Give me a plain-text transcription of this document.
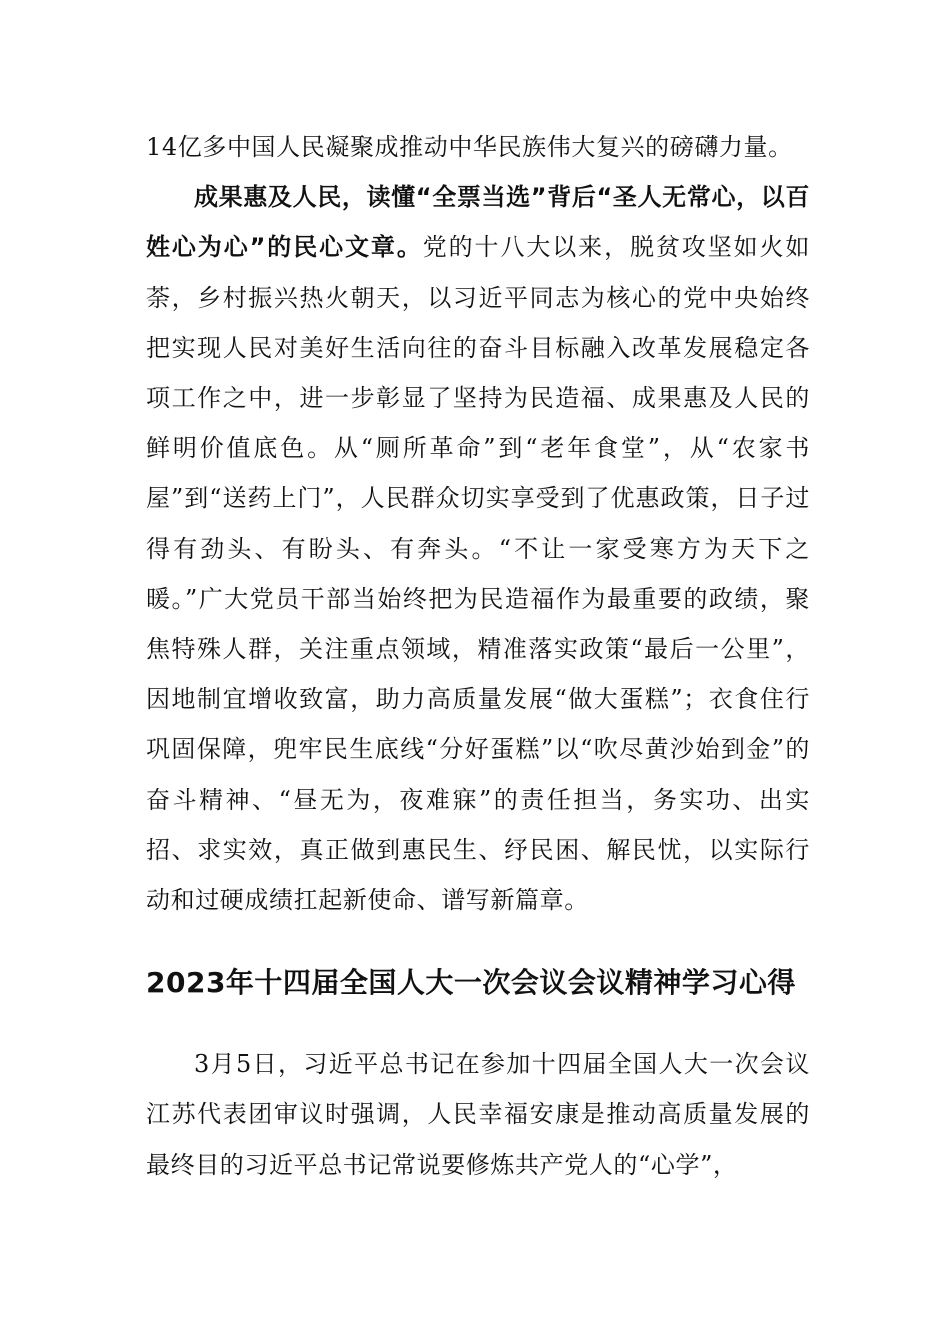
14亿多中国人民凝聚成推动中华民族伟大复兴的磅礴力量。

成果惠及人民，读懂“全票当选”背后“圣人无常心，以百姓心为心”的民心文章。党的十八大以来，脱贫攻坚如火如荼，乡村振兴热火朝天，以习近平同志为核心的党中央始终把实现人民对美好生活向往的奋斗目标融入改革发展稳定各项工作之中，进一步彰显了坚持为民造福、成果惠及人民的鲜明价值底色。从“厕所革命”到“老年食堂”，从“农家书屋”到“送药上门”，人民群众切实享受到了优惠政策，日子过得有劲头、有盼头、有奔头。“不让一家受寒方为天下之暖。”广大党员干部当始终把为民造福作为最重要的政绩，聚焦特殊人群，关注重点领域，精准落实政策“最后一公里”，因地制宜增收致富，助力高质量发展“做大蛋糕”；衣食住行巩固保障，兜牢民生底线“分好蛋糕”以“吹尽黄沙始到金”的奋斗精神、“昼无为，夜难寐”的责任担当，务实功、出实招、求实效，真正做到惠民生、纾民困、解民忧，以实际行动和过硬成绩扛起新使命、谱写新篇章。

2023年十四届全国人大一次会议会议精神学习心得

3月5日，习近平总书记在参加十四届全国人大一次会议江苏代表团审议时强调，人民幸福安康是推动高质量发展的最终目的习近平总书记常说要修炼共产党人的“心学”，
